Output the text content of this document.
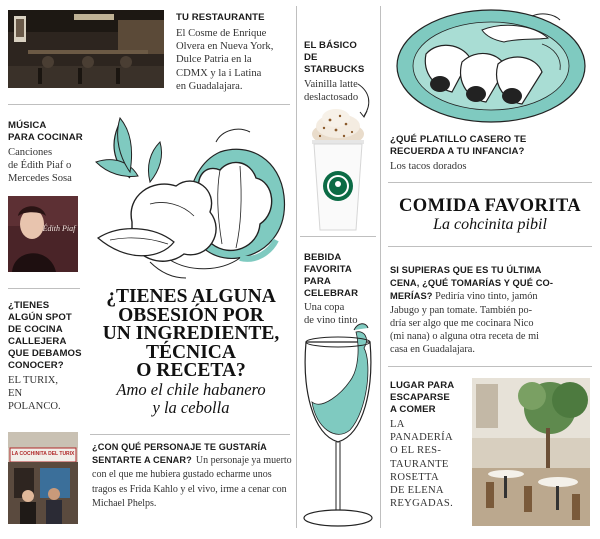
TU RESTAURANTE
El Cosme de Enrique
Olvera en Nueva York,
Dulce Patria en la
CDMX y la i Latina
en Guadalajara.
EL BÁSICO
DE
STARBUCKS
Vainilla latte
deslactosado
MÚSICA
PARA COCINAR
Canciones
de Édith Piaf o
Mercedes Sosa
Édith Piaf
¿TIENES ALGUNA
OBSESIÓN POR
UN INGREDIENTE,
TÉCNICA
O RECETA?
Amo el chile habanero
y la cebolla
¿TIENES
ALGÚN SPOT
DE COCINA
CALLEJERA
QUE DEBAMOS
CONOCER?
EL TURIX,
EN
POLANCO.
LA COCHINITA DEL TURIX
¿CON QUÉ PERSONAJE TE GUSTARÍA SENTARTE A CENAR? Un personaje ya muerto con el que me hubiera gustado echarme unos tragos es Frida Kahlo y el vivo, irme a cenar con Michael Phelps.
BEBIDA
FAVORITA PARA
CELEBRAR
Una copa
de vino tinto
¿QUÉ PLATILLO CASERO TE
RECUERDA A TU INFANCIA?
Los tacos dorados
COMIDA FAVORITA
La cohcinita pibil
SI SUPIERAS QUE ES TU ÚLTIMA
CENA, ¿QUÉ TOMARÍAS Y QUÉ CO-
MERÍAS? Pediría vino tinto, jamón
Jabugo y pan tomate. También po-
dría ser algo que me cocinara Nico
(mi nana) o alguna otra receta de mi
casa en Guadalajara.
LUGAR PARA
ESCAPARSE
A COMER
LA
PANADERÍA
O EL RES-
TAURANTE
ROSETTA
DE ELENA
REYGADAS.
